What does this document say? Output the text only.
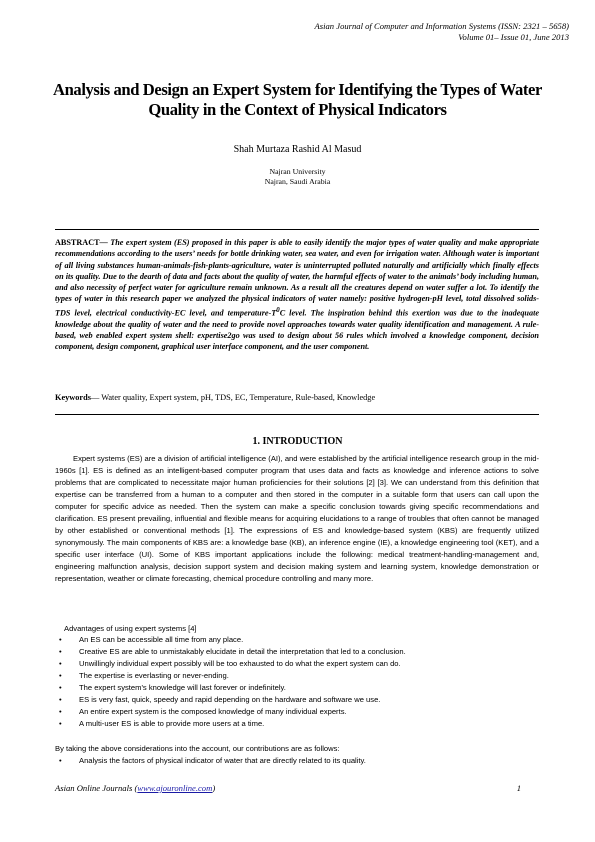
Asian Journal of Computer and Information Systems (ISSN: 2321 – 5658)
Volume 01– Issue 01, June 2013
Analysis and Design an Expert System for Identifying the Types of Water Quality in the Context of Physical Indicators
Shah Murtaza Rashid Al Masud
Najran University
Najran, Saudi Arabia
ABSTRACT— The expert system (ES) proposed in this paper is able to easily identify the major types of water quality and make appropriate recommendations according to the users’ needs for bottle drinking water, sea water, and even for irrigation water. Although water is important of all living substances human-animals-fish-plants-agriculture, water is uninterrupted polluted naturally and artificially which finally effects on its quality. Due to the dearth of data and facts about the quality of water, the harmful effects of water to the animals’ body including human, and also necessity of perfect water for agriculture remain unknown. As a result all the creatures depend on water suffer a lot. To identify the types of water in this research paper we analyzed the physical indicators of water namely: positive hydrogen-pH level, total dissolved solids-TDS level, electrical conductivity-EC level, and temperature-$T^0C$ level. The inspiration behind this exertion was due to the inadequate knowledge about the quality of water and the need to provide novel approaches towards water quality identification and management. A rule-based, web enabled expert system shell: expertise2go was used to design about 56 rules which involved a knowledge component, decision component, design component, graphical user interface component, and the user component.
Keywords— Water quality, Expert system, pH, TDS, EC, Temperature, Rule-based, Knowledge
1. INTRODUCTION

Expert systems (ES) are a division of artificial intelligence (AI), and were established by the artificial intelligence research group in the mid-1960s [1]. ES is defined as an intelligent-based computer program that uses data and facts as knowledge and inference actions to solve problems that are complicated to necessitate major human proficiencies for their solutions [2] [3]. We can understand from this definition that expertise can be transferred from a human to a computer and then stored in the computer in a suitable form that users can call upon the computer for specific advice as needed. Then the system can make a specific conclusion towards giving specific recommendations and clarification. ES present prevailing, influential and flexible means for acquiring elucidations to a range of troubles that often cannot be managed by other established or conventional methods [1]. The expressions of ES and knowledge-based system (KBS) are frequently utilized synonymously. The main components of KBS are: a knowledge base (KB), an inference engine (IE), a knowledge engineering tool (KET), and a specific user interface (UI). Some of KBS important applications include the following: medical treatment-handling-management and, engineering malfunction analysis, decision support system and decision making system and learning system, knowledge demonstration or representation, weather or climate forecasting, chemical procedure controlling and many more.

Advantages of using expert systems [4]
• An ES can be accessible all time from any place.
• Creative ES are able to unmistakably elucidate in detail the interpretation that led to a conclusion.
• Unwillingly individual expert possibly will be too exhausted to do what the expert system can do.
• The expertise is everlasting or never-ending.
• The expert system's knowledge will last forever or indefinitely.
• ES is very fast, quick, speedy and rapid depending on the hardware and software we use.
• An entire expert system is the composed knowledge of many individual experts.
• A multi-user ES is able to provide more users at a time.
By taking the above considerations into the account, our contributions are as follows:
• Analysis the factors of physical indicator of water that are directly related to its quality.
Asian Online Journals (www.ajouronline.com)	1
